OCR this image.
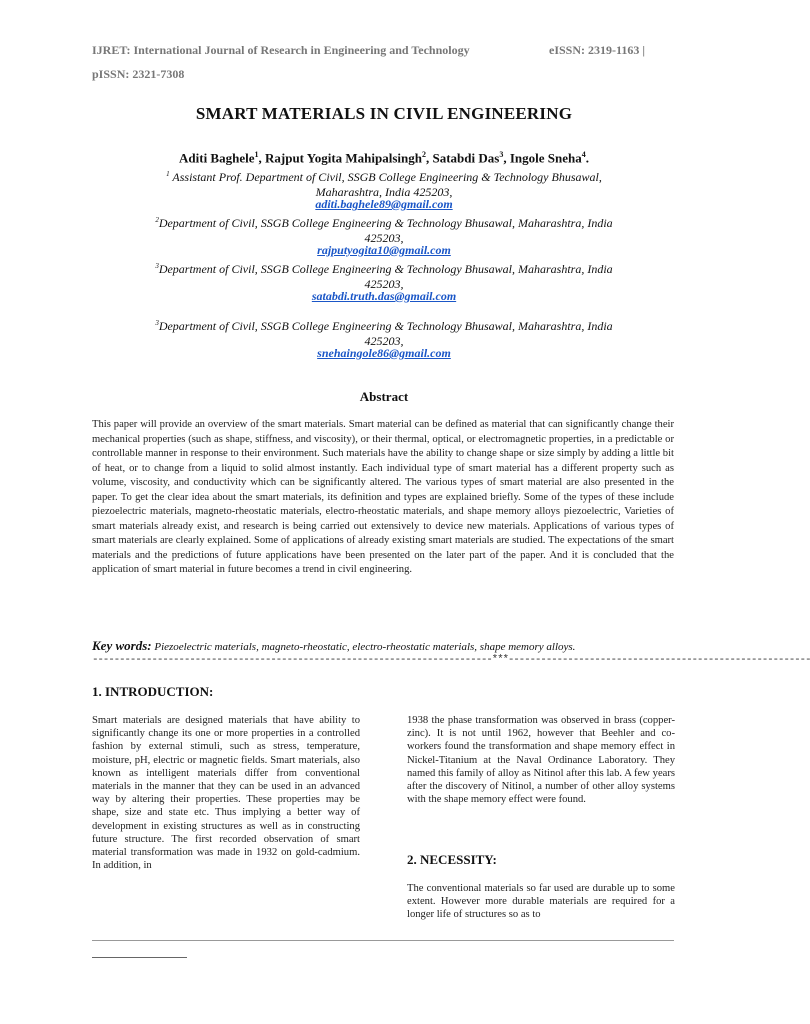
IJRET: International Journal of Research in Engineering and Technology	eISSN: 2319-1163 |
pISSN: 2321-7308
SMART MATERIALS IN CIVIL ENGINEERING
Aditi Baghele$^1$, Rajput Yogita Mahipalsingh$^2$, Satabdi Das$^3$, Ingole Sneha$^4$.
$^1$ Assistant Prof. Department of Civil, SSGB College Engineering & Technology Bhusawal,
Maharashtra, India 425203,
aditi.baghele89@gmail.com
$^2$Department of Civil, SSGB College Engineering & Technology Bhusawal, Maharashtra, India
425203,
rajputyogita10@gmail.com
$^3$Department of Civil, SSGB College Engineering & Technology Bhusawal, Maharashtra, India
425203,
satabdi.truth.das@gmail.com
$^3$Department of Civil, SSGB College Engineering & Technology Bhusawal, Maharashtra, India
425203,
snehaingole86@gmail.com
Abstract
This paper will provide an overview of the smart materials. Smart material can be defined as material that can significantly change their mechanical properties (such as shape, stiffness, and viscosity), or their thermal, optical, or electromagnetic properties, in a predictable or controllable manner in response to their environment. Such materials have the ability to change shape or size simply by adding a little bit of heat, or to change from a liquid to solid almost instantly. Each individual type of smart material has a different property such as volume, viscosity, and conductivity which can be significantly altered. The various types of smart material are also presented in the paper. To get the clear idea about the smart materials, its definition and types are explained briefly. Some of the types of these include piezoelectric materials, magneto-rheostatic materials, electro-rheostatic materials, and shape memory alloys piezoelectric, Varieties of smart materials already exist, and research is being carried out extensively to device new materials. Applications of various types of smart materials are clearly explained. Some of applications of already existing smart materials are studied. The expectations of the smart materials and the predictions of future applications have been presented on the later part of the paper. And it is concluded that the application of smart material in future becomes a trend in civil engineering.
Key words: Piezoelectric materials, magneto-rheostatic, electro-rheostatic materials, shape memory alloys.
--------------------------------------------------------------------------***--------------------------------------------------------
1. INTRODUCTION:
Smart materials are designed materials that have ability to significantly change its one or more properties in a controlled fashion by external stimuli, such as stress, temperature, moisture, pH, electric or magnetic fields. Smart materials, also known as intelligent materials differ from conventional materials in the manner that they can be used in an advanced way by altering their properties. These properties may be shape, size and state etc. Thus implying a better way of development in existing structures as well as in constructing future structure. The first recorded observation of smart material transformation was made in 1932 on gold-cadmium. In addition, in
1938 the phase transformation was observed in brass (copper-zinc). It is not until 1962, however that Beehler and co-workers found the transformation and shape memory effect in Nickel-Titanium at the Naval Ordinance Laboratory. They named this family of alloy as Nitinol after this lab. A few years after the discovery of Nitinol, a number of other alloy systems with the shape memory effect were found.
2. NECESSITY:
The conventional materials so far used are durable up to some extent. However more durable materials are required for a longer life of structures so as to
